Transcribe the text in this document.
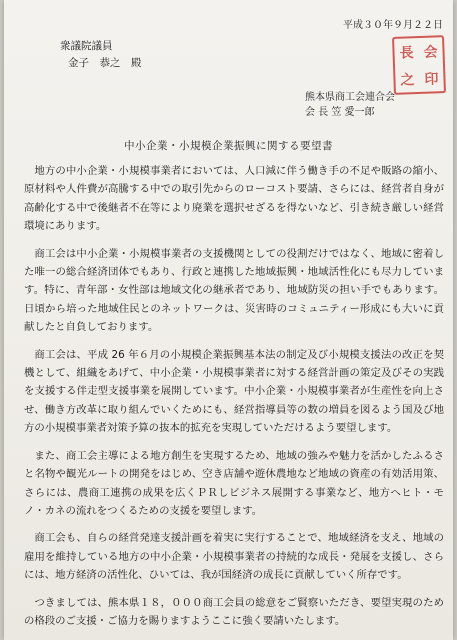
平成３０年９月２２日
衆議院議員
金子　恭之　殿
長 会
之 印
熊本県商工会連合会
会 長 笠 愛一郎
中小企業・小規模企業振興に関する要望書

地方の中小企業・小規模事業者においては、人口減に伴う働き手の不足や販路の縮小、原材料や人件費が高騰する中での取引先からのローコスト要請、さらには、経営者自身が高齢化する中で後継者不在等により廃業を選択せざるを得ないなど、引き続き厳しい経営環境にあります。

商工会は中小企業・小規模事業者の支援機関としての役割だけではなく、地域に密着した唯一の総合経済団体でもあり、行政と連携した地域振興・地域活性化にも尽力しています。特に、青年部・女性部は地域文化の継承者であり、地域防災の担い手でもあります。日頃から培った地域住民とのネットワークは、災害時のコミュニティー形成にも大いに貢献したと自負しております。

商工会は、平成 26 年６月の小規模企業振興基本法の制定及び小規模支援法の改正を契機として、組織をあげて、中小企業・小規模事業者に対する経営計画の策定及びその実践を支援する伴走型支援事業を展開しています。中小企業・小規模事業者が生産性を向上させ、働き方改革に取り組んでいくためにも、経営指導員等の数の増員を図るよう国及び地方の小規模事業者対策予算の抜本的拡充を実現していただけるよう要望します。

また、商工会主導による地方創生を実現するため、地域の強みや魅力を活かしたふるさと名物や観光ルートの開発をはじめ、空き店舗や遊休農地など地域の資産の有効活用策、さらには、農商工連携の成果を広くＰＲしビジネス展開する事業など、地方へヒト・モノ・カネの流れをつくるための支援を要望します。

商工会も、自らの経営発達支援計画を着実に実行することで、地域経済を支え、地域の雇用を維持している地方の中小企業・小規模事業者の持続的な成長・発展を支援し、さらには、地方経済の活性化、ひいては、我が国経済の成長に貢献していく所存です。

つきましては、熊本県１８，０００商工会員の総意をご賢察いただき、要望実現のための格段のご支援・ご協力を賜りますようここに強く要請いたします。
